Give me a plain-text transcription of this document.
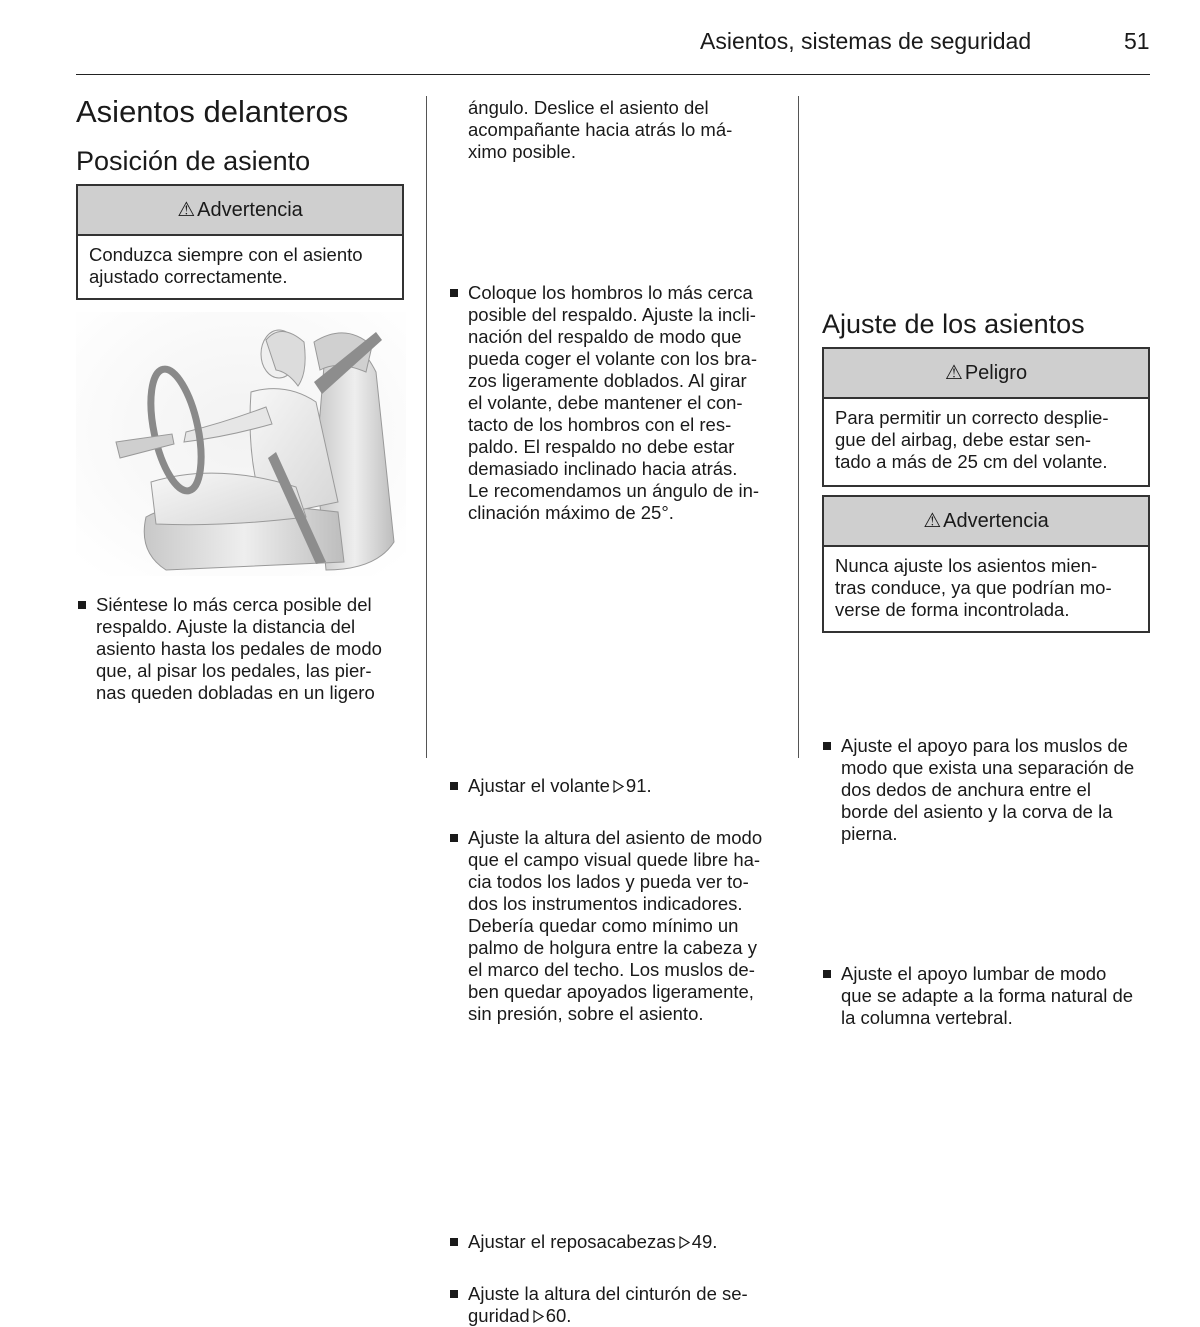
Asientos, sistemas de seguridad	51
Asientos delanteros
Posición de asiento
⚠ Advertencia
Conduzca siempre con el asiento
ajustado correctamente.
Siéntese lo más cerca posible del
respaldo. Ajuste la distancia del
asiento hasta los pedales de modo
que, al pisar los pedales, las pier-
nas queden dobladas en un ligero
ángulo. Deslice el asiento del
acompañante hacia atrás lo má-
ximo posible.
Coloque los hombros lo más cerca
posible del respaldo. Ajuste la incli-
nación del respaldo de modo que
pueda coger el volante con los bra-
zos ligeramente doblados. Al girar
el volante, debe mantener el con-
tacto de los hombros con el res-
paldo. El respaldo no debe estar
demasiado inclinado hacia atrás.
Le recomendamos un ángulo de in-
clinación máximo de 25°.
Ajustar el volante 91.
Ajuste la altura del asiento de modo
que el campo visual quede libre ha-
cia todos los lados y pueda ver to-
dos los instrumentos indicadores.
Debería quedar como mínimo un
palmo de holgura entre la cabeza y
el marco del techo. Los muslos de-
ben quedar apoyados ligeramente,
sin presión, sobre el asiento.
Ajustar el reposacabezas 49.
Ajuste la altura del cinturón de se-
guridad 60.
Ajuste el apoyo para los muslos de
modo que exista una separación de
dos dedos de anchura entre el
borde del asiento y la corva de la
pierna.
Ajuste el apoyo lumbar de modo
que se adapte a la forma natural de
la columna vertebral.
Ajuste de los asientos
⚠ Peligro
Para permitir un correcto desplie-
gue del airbag, debe estar sen-
tado a más de 25 cm del volante.
⚠ Advertencia
Nunca ajuste los asientos mien-
tras conduce, ya que podrían mo-
verse de forma incontrolada.
